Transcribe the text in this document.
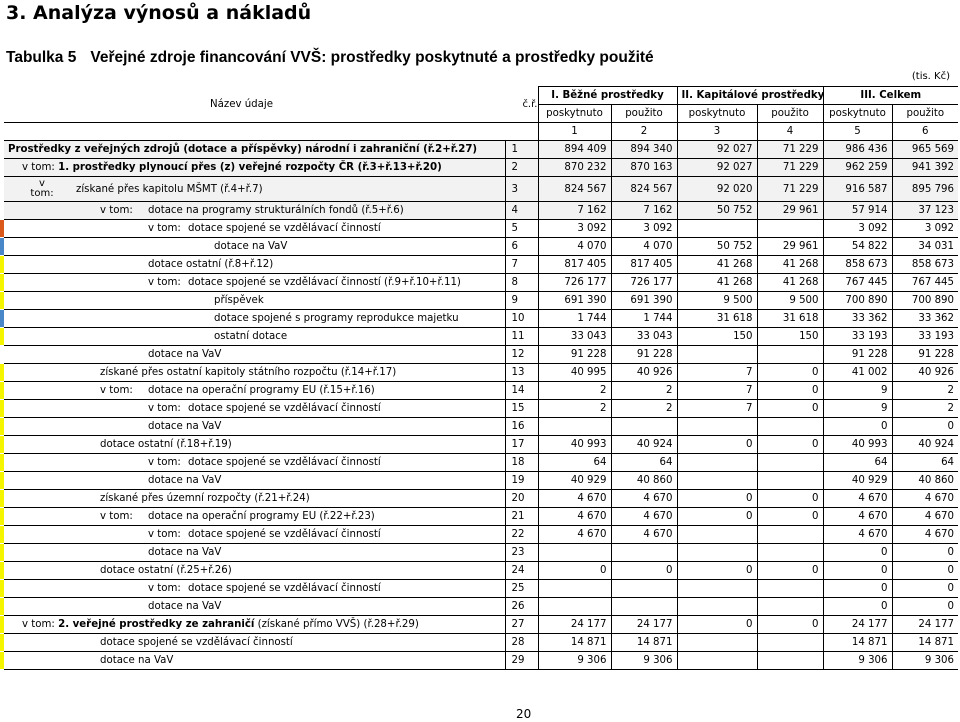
3. Analýza výnosů a nákladů
Tabulka 5 Veřejné zdroje financování VVŠ: prostředky poskytnuté a prostředky použité
(tis. Kč)
	Název údaje	č.ř.	I. Běžné prostředky		II. Kapitálové prostředky		III. Celkem	
			poskytnuto	použito	poskytnuto	použito	poskytnuto	použito
			1	2	3	4	5	6
	Prostředky z veřejných zdrojů (dotace a příspěvky) národní i zahraniční (ř.2+ř.27)	1	894 409	894 340	92 027	71 229	986 436	965 569
	v tom: 1. prostředky plynoucí přes (z) veřejné rozpočty ČR (ř.3+ř.13+ř.20)	2	870 232	870 163	92 027	71 229	962 259	941 392

	v tom: získané přes kapitolu MŠMT (ř.4+ř.7)	3	824 567	824 567	92 020	71 229	916 587	895 796
	v tom: dotace na programy strukturálních fondů (ř.5+ř.6)	4	7 162	7 162	50 752	29 961	57 914	37 123
	v tom: dotace spojené se vzdělávací činností	5	3 092	3 092			3 092	3 092
	dotace na VaV	6	4 070	4 070	50 752	29 961	54 822	34 031
	dotace ostatní (ř.8+ř.12)	7	817 405	817 405	41 268	41 268	858 673	858 673
	v tom: dotace spojené se vzdělávací činností (ř.9+ř.10+ř.11)	8	726 177	726 177	41 268	41 268	767 445	767 445
	příspěvek	9	691 390	691 390	9 500	9 500	700 890	700 890
	dotace spojené s programy reprodukce majetku	10	1 744	1 744	31 618	31 618	33 362	33 362
	ostatní dotace	11	33 043	33 043	150	150	33 193	33 193
	dotace na VaV	12	91 228	91 228			91 228	91 228
	získané přes ostatní kapitoly státního rozpočtu (ř.14+ř.17)	13	40 995	40 926	7	0	41 002	40 926
	v tom: dotace na operační programy EU (ř.15+ř.16)	14	2	2	7	0	9	2
	v tom: dotace spojené se vzdělávací činností	15	2	2	7	0	9	2
	dotace na VaV	16					0	0
	dotace ostatní (ř.18+ř.19)	17	40 993	40 924	0	0	40 993	40 924
	v tom: dotace spojené se vzdělávací činností	18	64	64			64	64
	dotace na VaV	19	40 929	40 860			40 929	40 860
	získané přes územní rozpočty (ř.21+ř.24)	20	4 670	4 670	0	0	4 670	4 670
	v tom: dotace na operační programy EU (ř.22+ř.23)	21	4 670	4 670	0	0	4 670	4 670
	v tom: dotace spojené se vzdělávací činností	22	4 670	4 670			4 670	4 670
	dotace na VaV	23					0	0
	dotace ostatní (ř.25+ř.26)	24	0	0	0	0	0	0
	v tom: dotace spojené se vzdělávací činností	25					0	0
	dotace na VaV	26					0	0
	v tom: 2. veřejné prostředky ze zahraničí (získané přímo VVŠ) (ř.28+ř.29)	27	24 177	24 177	0	0	24 177	24 177
	dotace spojené se vzdělávací činností	28	14 871	14 871			14 871	14 871
	dotace na VaV	29	9 306	9 306			9 306	9 306
20
